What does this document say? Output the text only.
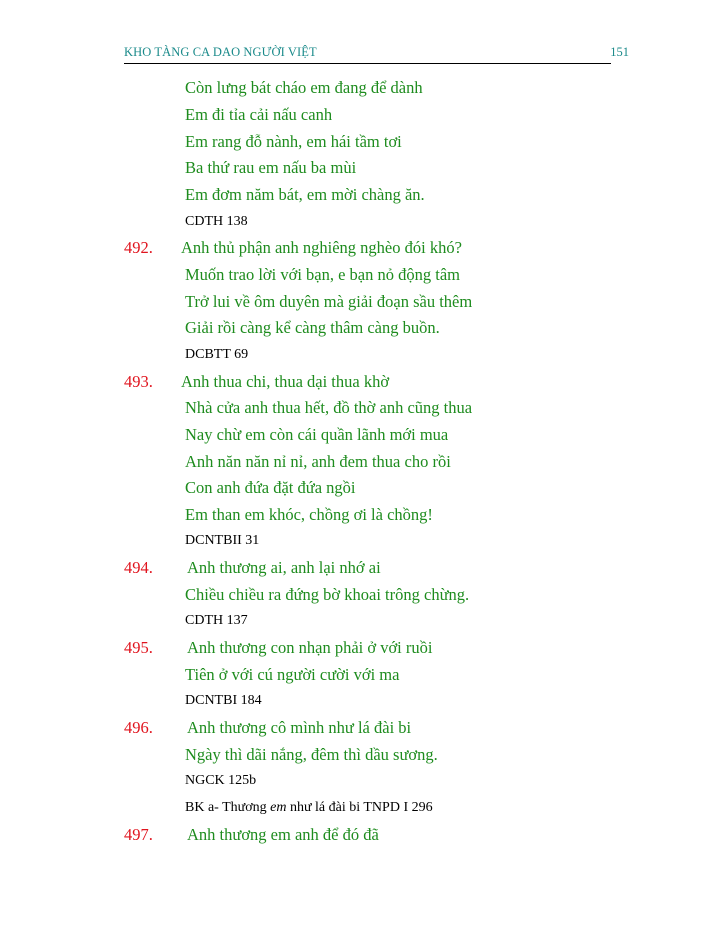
KHO TÀNG CA DAO NGƯỜI VIỆT	151
Còn lưng bát cháo em đang để dành
Em đi tỉa cải nấu canh
Em rang đỗ nành, em hái tầm tơi
Ba thứ rau em nấu ba mùi
Em đơm năm bát, em mời chàng ăn.
CDTH 138
492. Anh thủ phận anh nghiêng nghèo đói khó?
Muốn trao lời với bạn, e bạn nỏ động tâm
Trở lui về ôm duyên mà giải đoạn sầu thêm
Giải rồi càng kể càng thâm càng buồn.
DCBTT 69
493. Anh thua chi, thua dại thua khờ
Nhà cửa anh thua hết, đồ thờ anh cũng thua
Nay chừ em còn cái quần lãnh mới mua
Anh năn năn nỉ nỉ, anh đem thua cho rồi
Con anh đứa đặt đứa ngồi
Em than em khóc, chồng ơi là chồng!
DCNTBII 31
494. Anh thương ai, anh lại nhớ ai
Chiều chiều ra đứng bờ khoai trông chừng.
CDTH 137
495. Anh thương con nhạn phải ở với ruồi
Tiên ở với cú người cười với ma
DCNTBI 184
496. Anh thương cô mình như lá đài bi
Ngày thì dãi nắng, đêm thì dầu sương.
NGCK 125b
BK a- Thương em như lá đài bi TNPD I 296
497. Anh thương em anh để đó đã
